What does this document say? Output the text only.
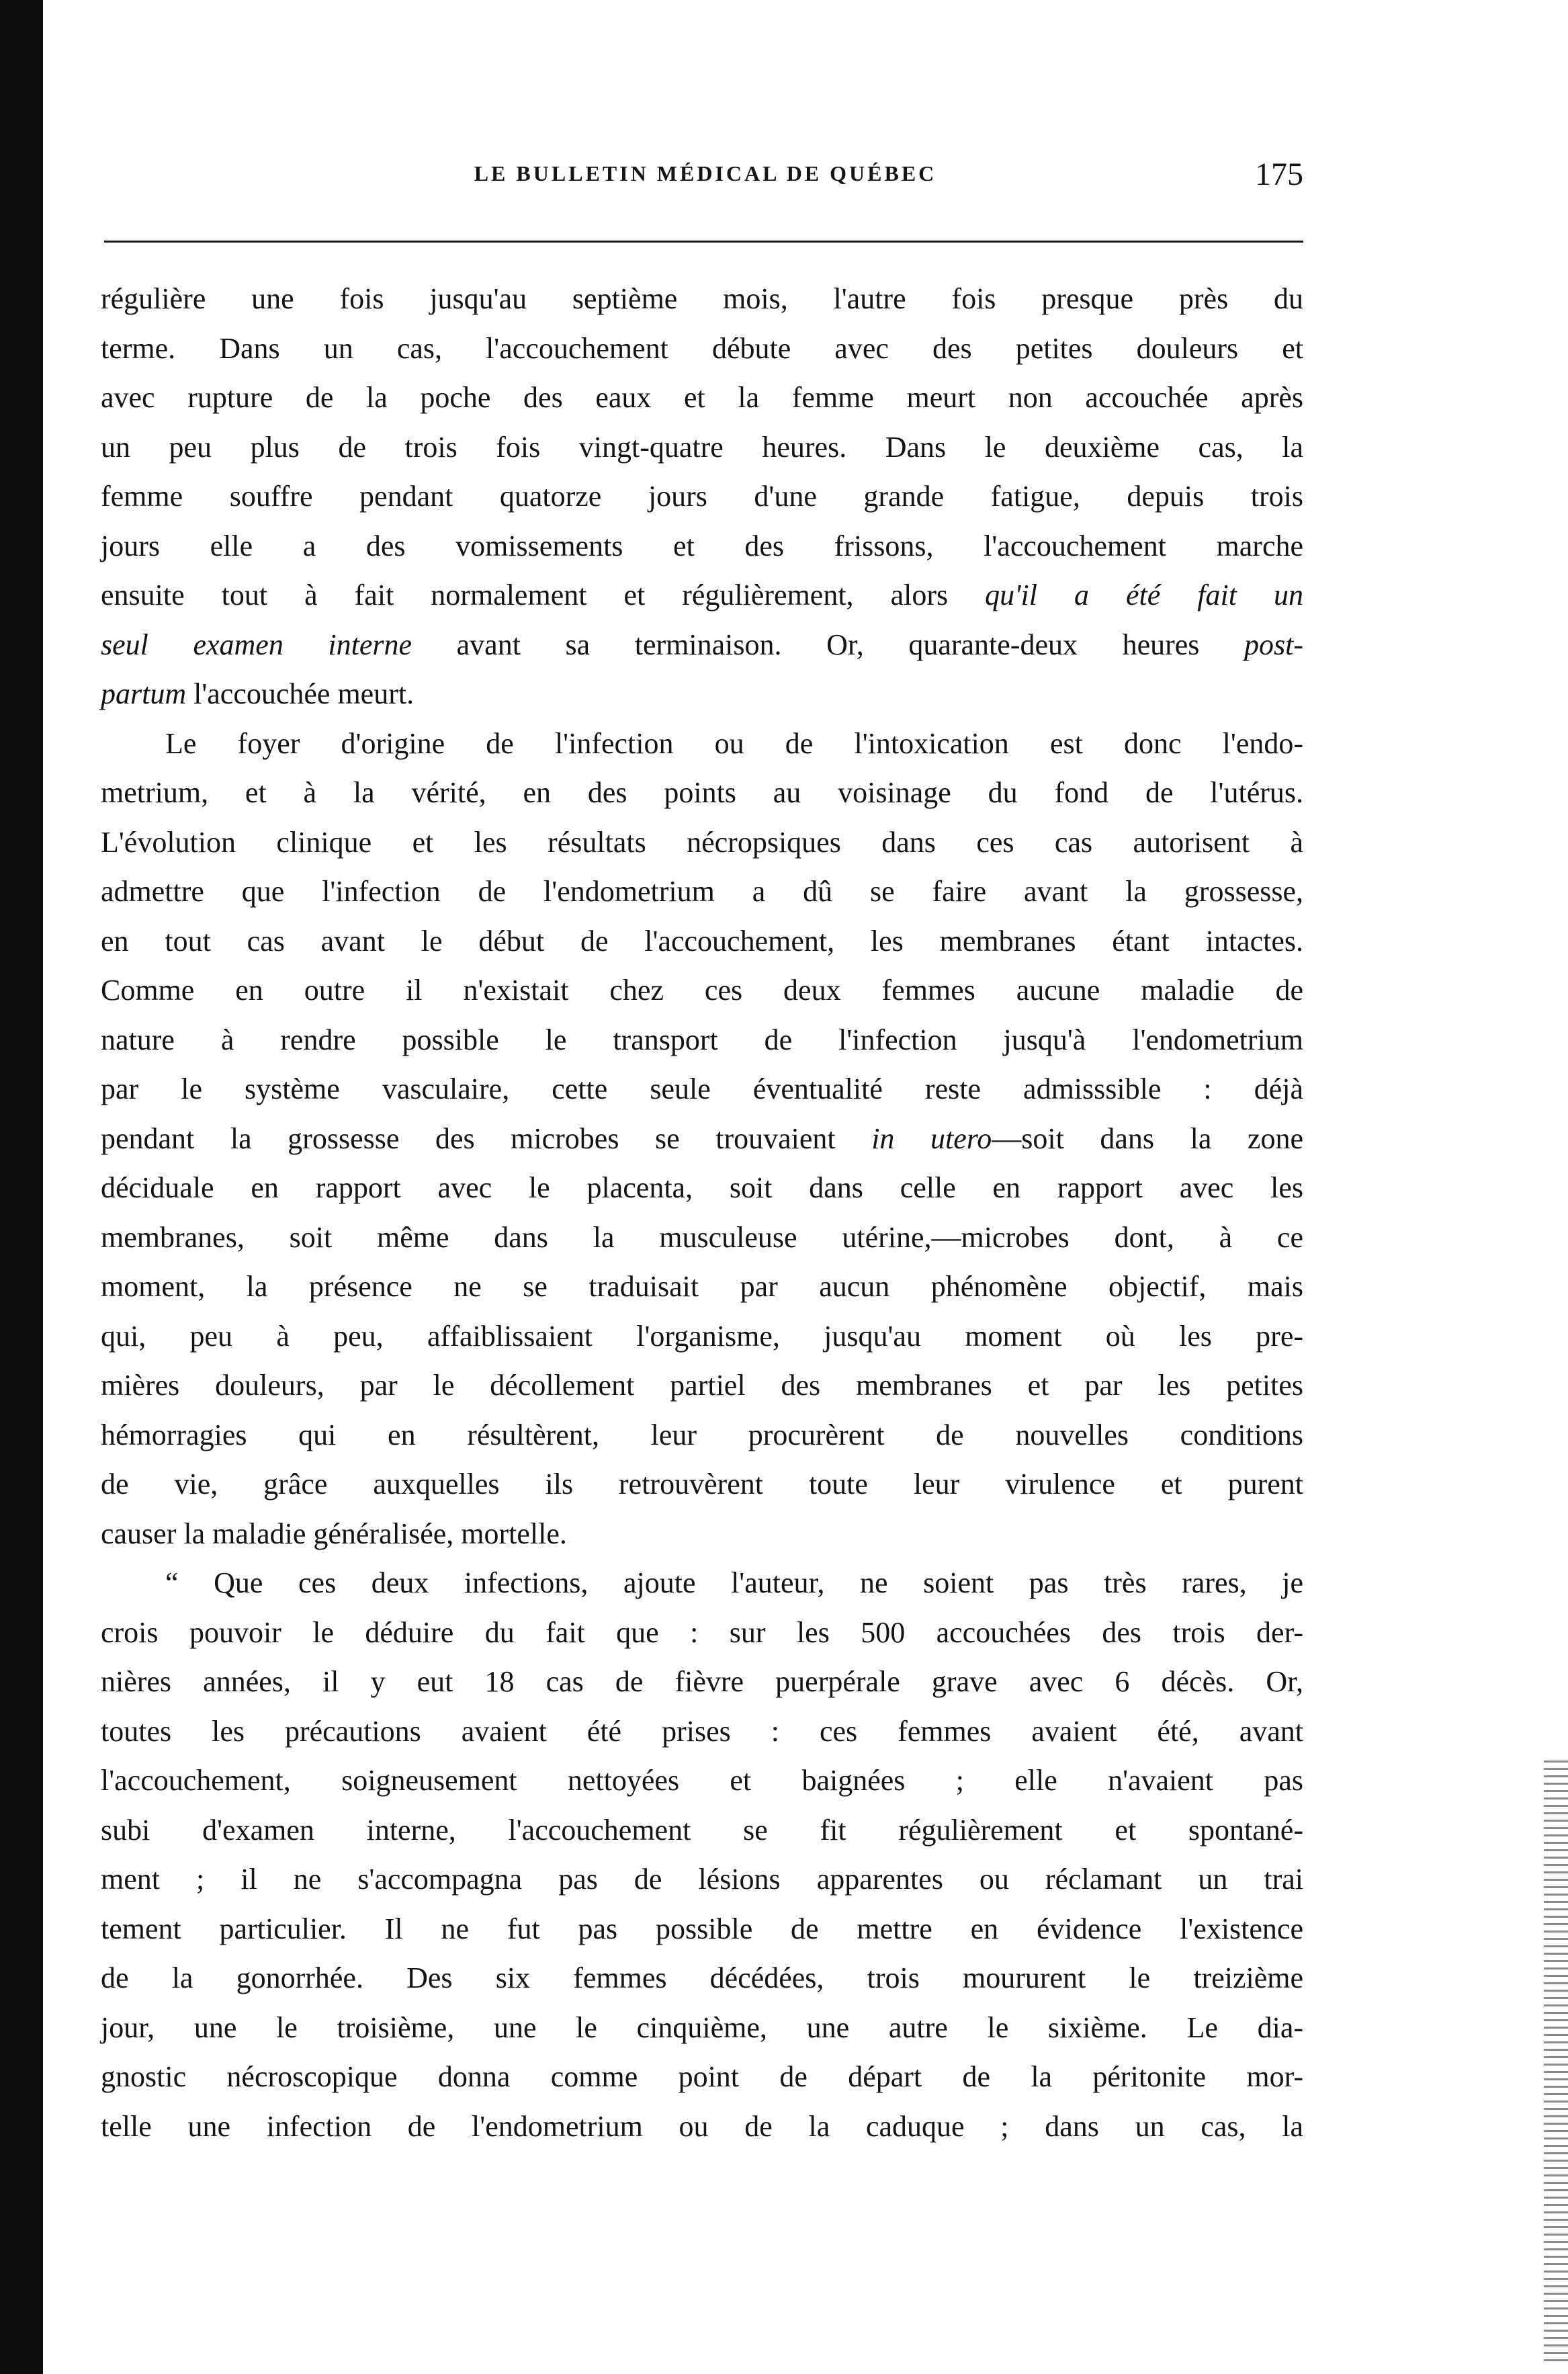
LE BULLETIN MÉDICAL DE QUÉBEC	175
régulière une fois jusqu'au septième mois, l'autre fois presque près du
terme. Dans un cas, l'accouchement débute avec des petites douleurs et
avec rupture de la poche des eaux et la femme meurt non accouchée après
un peu plus de trois fois vingt-quatre heures. Dans le deuxième cas, la
femme souffre pendant quatorze jours d'une grande fatigue, depuis trois
jours elle a des vomissements et des frissons, l'accouchement marche
ensuite tout à fait normalement et régulièrement, alors qu'il a été fait un
seul examen interne avant sa terminaison. Or, quarante-deux heures post-
partum l'accouchée meurt.
Le foyer d'origine de l'infection ou de l'intoxication est donc l'endo-
metrium, et à la vérité, en des points au voisinage du fond de l'utérus.
L'évolution clinique et les résultats nécropsiques dans ces cas autorisent à
admettre que l'infection de l'endometrium a dû se faire avant la grossesse,
en tout cas avant le début de l'accouchement, les membranes étant intactes.
Comme en outre il n'existait chez ces deux femmes aucune maladie de
nature à rendre possible le transport de l'infection jusqu'à l'endometrium
par le système vasculaire, cette seule éventualité reste admisssible : déjà
pendant la grossesse des microbes se trouvaient in utero—soit dans la zone
déciduale en rapport avec le placenta, soit dans celle en rapport avec les
membranes, soit même dans la musculeuse utérine,—microbes dont, à ce
moment, la présence ne se traduisait par aucun phénomène objectif, mais
qui, peu à peu, affaiblissaient l'organisme, jusqu'au moment où les pre-
mières douleurs, par le décollement partiel des membranes et par les petites
hémorragies qui en résultèrent, leur procurèrent de nouvelles conditions
de vie, grâce auxquelles ils retrouvèrent toute leur virulence et purent
causer la maladie généralisée, mortelle.
“ Que ces deux infections, ajoute l'auteur, ne soient pas très rares, je
crois pouvoir le déduire du fait que : sur les 500 accouchées des trois der-
nières années, il y eut 18 cas de fièvre puerpérale grave avec 6 décès. Or,
toutes les précautions avaient été prises : ces femmes avaient été, avant
l'accouchement, soigneusement nettoyées et baignées ; elle n'avaient pas
subi d'examen interne, l'accouchement se fit régulièrement et spontané-
ment ; il ne s'accompagna pas de lésions apparentes ou réclamant un trai
tement particulier. Il ne fut pas possible de mettre en évidence l'existence
de la gonorrhée. Des six femmes décédées, trois moururent le treizième
jour, une le troisième, une le cinquième, une autre le sixième. Le dia-
gnostic nécroscopique donna comme point de départ de la péritonite mor-
telle une infection de l'endometrium ou de la caduque ; dans un cas, la
